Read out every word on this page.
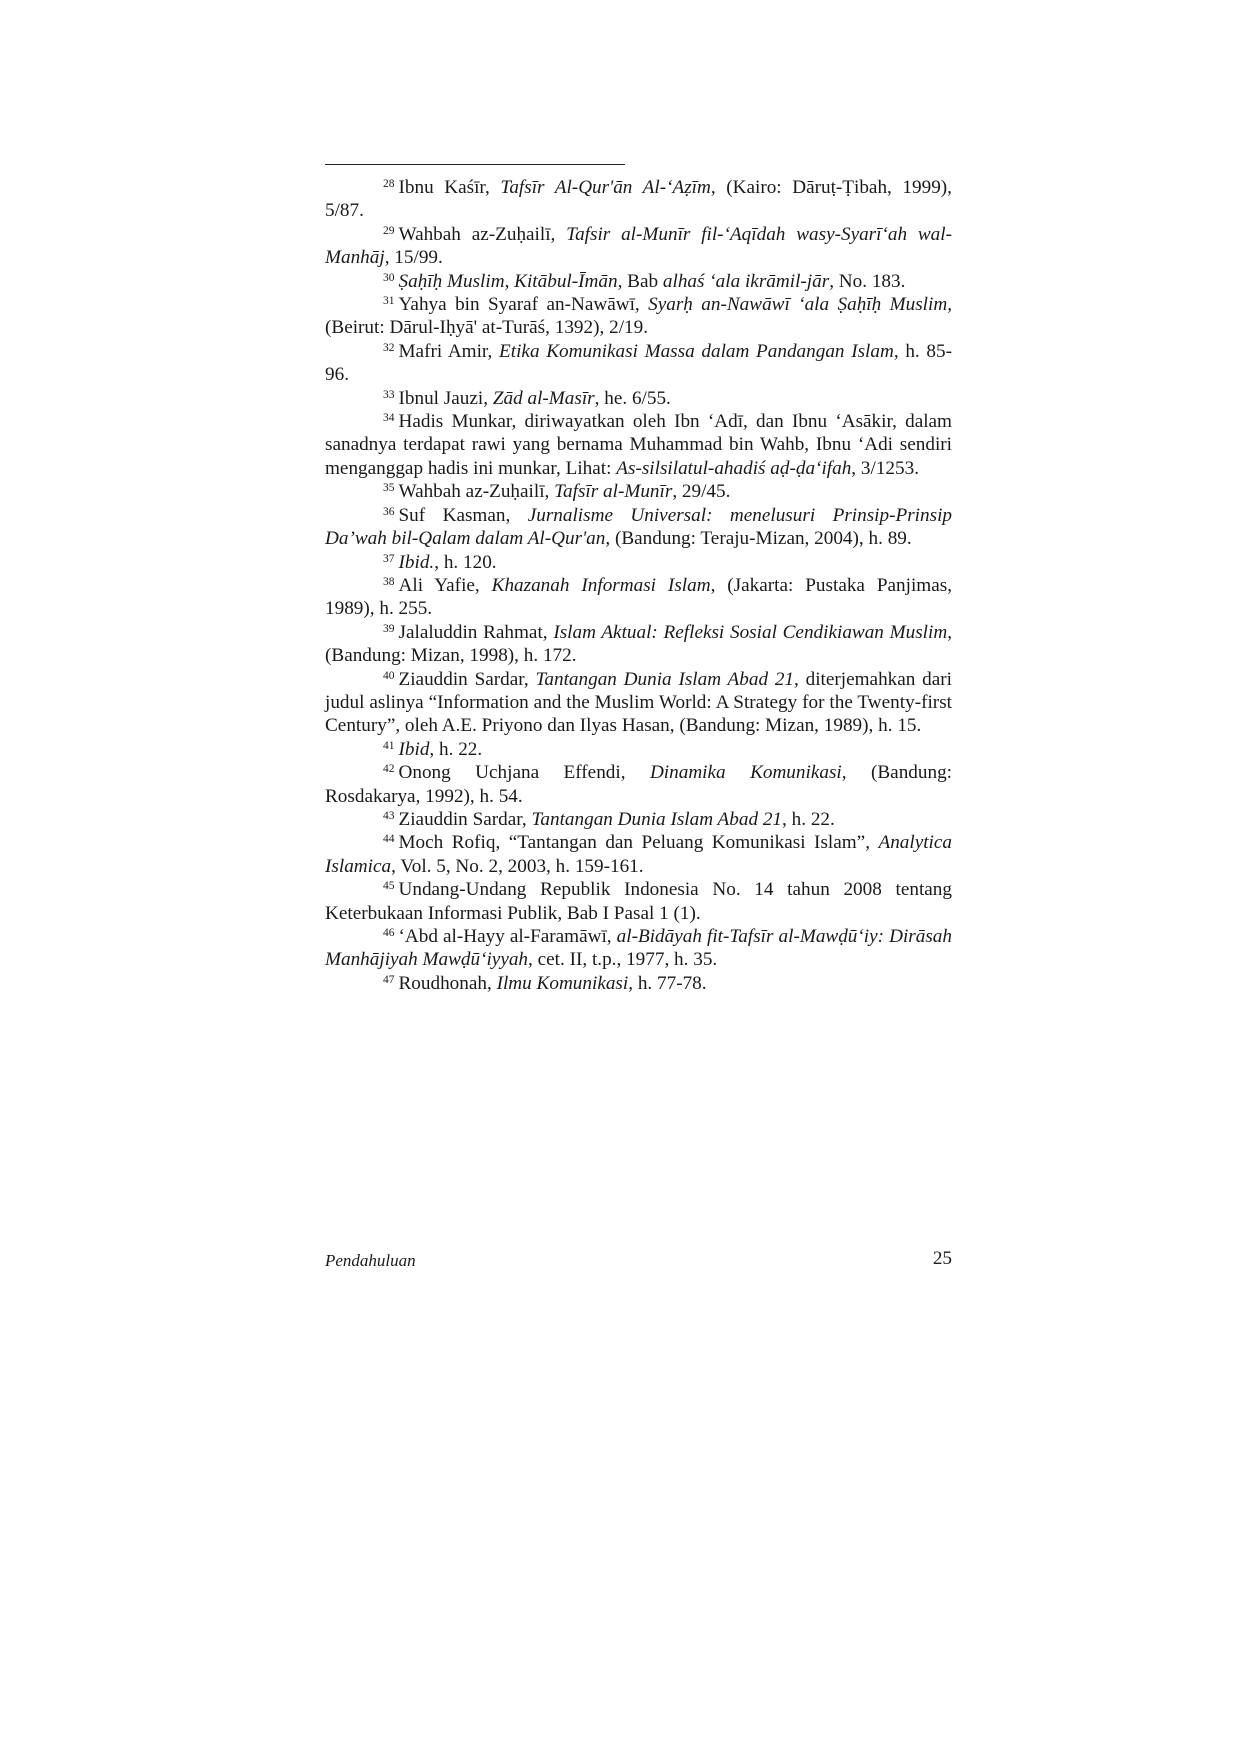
$^{28}$ Ibnu Kaśīr, Tafsīr Al-Qur'ān Al-‘Aẓīm, (Kairo: Dāruṭ-Ṭibah, 1999), 5/87.

$^{29}$ Wahbah az-Zuḥailī, Tafsir al-Munīr fil-‘Aqīdah wasy-Syarī‘ah wal-Manhāj, 15/99.

$^{30}$ Ṣaḥīḥ Muslim, Kitābul-Īmān, Bab alhaś ‘ala ikrāmil-jār, No. 183.

$^{31}$ Yahya bin Syaraf an-Nawāwī, Syarḥ an-Nawāwī ‘ala Ṣaḥīḥ Muslim, (Beirut: Dārul-Iḥyā' at-Turāś, 1392), 2/19.

$^{32}$ Mafri Amir, Etika Komunikasi Massa dalam Pandangan Islam, h. 85-96.

$^{33}$ Ibnul Jauzi, Zād al-Masīr, he. 6/55.

$^{34}$ Hadis Munkar, diriwayatkan oleh Ibn ‘Adī, dan Ibnu ‘Asākir, dalam sanadnya terdapat rawi yang bernama Muhammad bin Wahb, Ibnu ‘Adi sendiri menganggap hadis ini munkar, Lihat: As-silsilatul-ahadiś aḍ-ḍa‘ifah, 3/1253.

$^{35}$ Wahbah az-Zuḥailī, Tafsīr al-Munīr, 29/45.

$^{36}$ Suf Kasman, Jurnalisme Universal: menelusuri Prinsip-Prinsip Da’wah bil-Qalam dalam Al-Qur'an, (Bandung: Teraju-Mizan, 2004), h. 89.

$^{37}$ Ibid., h. 120.

$^{38}$ Ali Yafie, Khazanah Informasi Islam, (Jakarta: Pustaka Panjimas, 1989), h. 255.

$^{39}$ Jalaluddin Rahmat, Islam Aktual: Refleksi Sosial Cendikiawan Muslim, (Bandung: Mizan, 1998), h. 172.

$^{40}$ Ziauddin Sardar, Tantangan Dunia Islam Abad 21, diterjemahkan dari judul aslinya “Information and the Muslim World: A Strategy for the Twenty-first Century”, oleh A.E. Priyono dan Ilyas Hasan, (Bandung: Mizan, 1989), h. 15.

$^{41}$ Ibid, h. 22.

$^{42}$ Onong Uchjana Effendi, Dinamika Komunikasi, (Bandung: Rosdakarya, 1992), h. 54.

$^{43}$ Ziauddin Sardar, Tantangan Dunia Islam Abad 21, h. 22.

$^{44}$ Moch Rofiq, “Tantangan dan Peluang Komunikasi Islam”, Analytica Islamica, Vol. 5, No. 2, 2003, h. 159-161.

$^{45}$ Undang-Undang Republik Indonesia No. 14 tahun 2008 tentang Keterbukaan Informasi Publik, Bab I Pasal 1 (1).

$^{46}$ ‘Abd al-Hayy al-Faramāwī, al-Bidāyah fit-Tafsīr al-Mawḍū‘iy: Dirāsah Manhājiyah Mawḍū‘iyyah, cet. II, t.p., 1977, h. 35.

$^{47}$ Roudhonah, Ilmu Komunikasi, h. 77-78.

Pendahuluan	25
